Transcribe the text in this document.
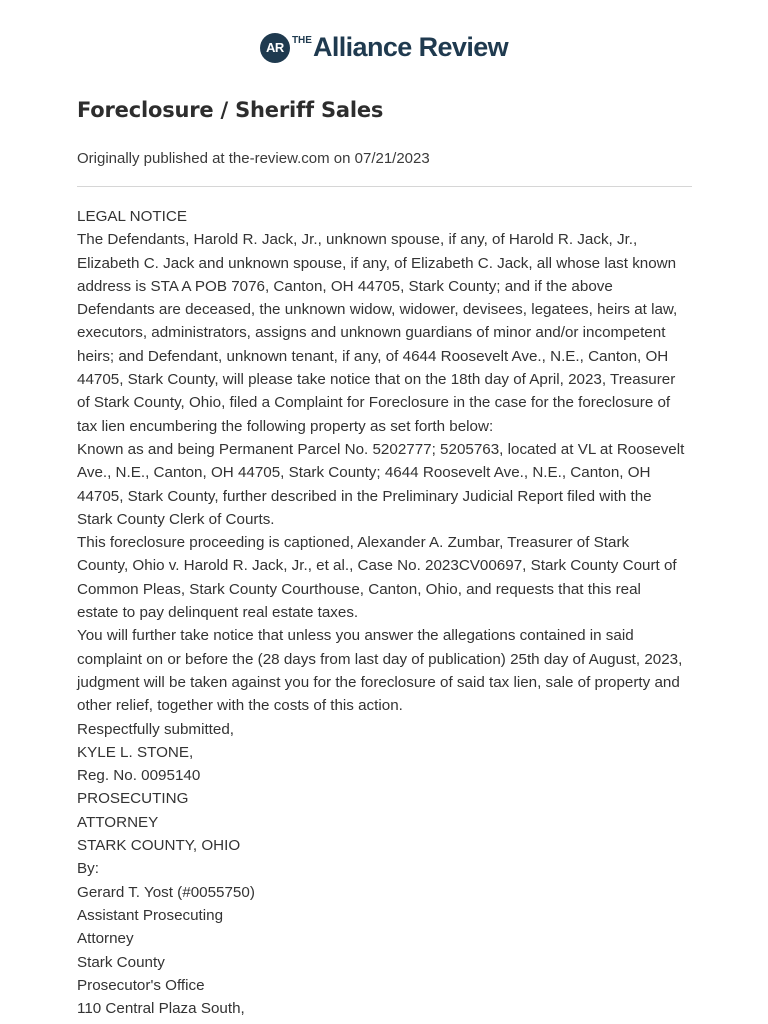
AR THE Alliance Review
Foreclosure / Sheriff Sales
Originally published at the-review.com on 07/21/2023
LEGAL NOTICE
The Defendants, Harold R. Jack, Jr., unknown spouse, if any, of Harold R. Jack, Jr.,
Elizabeth C. Jack and unknown spouse, if any, of Elizabeth C. Jack, all whose last known
address is STA A POB 7076, Canton, OH 44705, Stark County; and if the above
Defendants are deceased, the unknown widow, widower, devisees, legatees, heirs at law,
executors, administrators, assigns and unknown guardians of minor and/or incompetent
heirs; and Defendant, unknown tenant, if any, of 4644 Roosevelt Ave., N.E., Canton, OH
44705, Stark County, will please take notice that on the 18th day of April, 2023, Treasurer
of Stark County, Ohio, filed a Complaint for Foreclosure in the case for the foreclosure of
tax lien encumbering the following property as set forth below:
Known as and being Permanent Parcel No. 5202777; 5205763, located at VL at Roosevelt
Ave., N.E., Canton, OH 44705, Stark County; 4644 Roosevelt Ave., N.E., Canton, OH
44705, Stark County, further described in the Preliminary Judicial Report filed with the
Stark County Clerk of Courts.
This foreclosure proceeding is captioned, Alexander A. Zumbar, Treasurer of Stark
County, Ohio v. Harold R. Jack, Jr., et al., Case No. 2023CV00697, Stark County Court of
Common Pleas, Stark County Courthouse, Canton, Ohio, and requests that this real
estate to pay delinquent real estate taxes.
You will further take notice that unless you answer the allegations contained in said
complaint on or before the (28 days from last day of publication) 25th day of August, 2023,
judgment will be taken against you for the foreclosure of said tax lien, sale of property and
other relief, together with the costs of this action.
Respectfully submitted,
KYLE L. STONE,
Reg. No. 0095140
PROSECUTING
ATTORNEY
STARK COUNTY, OHIO
By:
Gerard T. Yost (#0055750)
Assistant Prosecuting
Attorney
Stark County
Prosecutor's Office
110 Central Plaza South,
